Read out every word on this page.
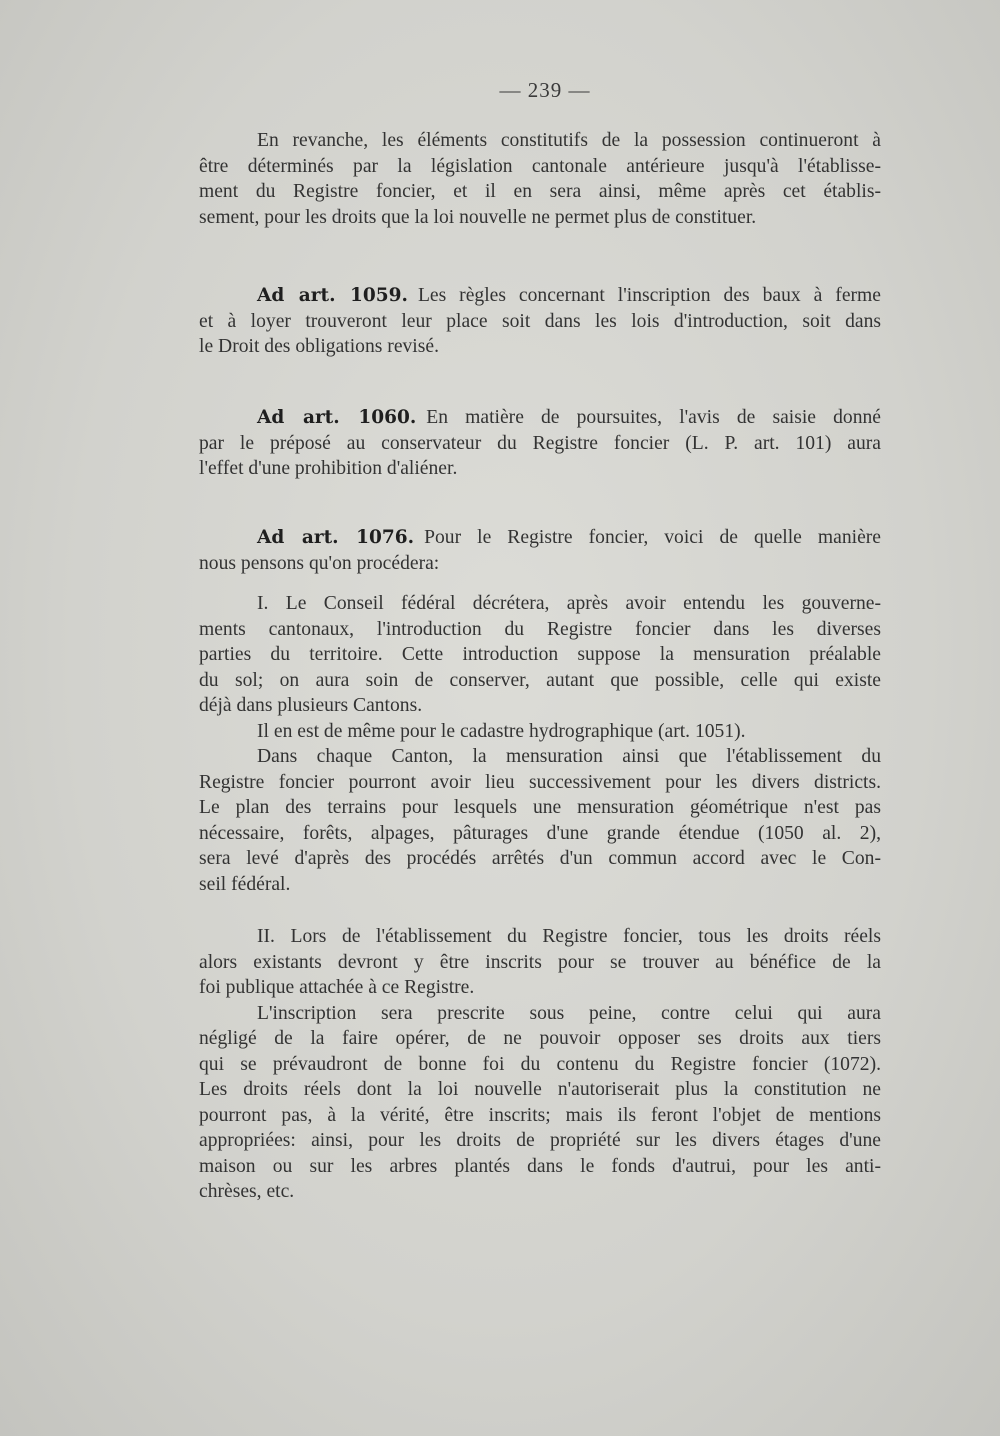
— 239 —
En revanche, les éléments constitutifs de la possession continueront à
être déterminés par la législation cantonale antérieure jusqu'à l'établisse-
ment du Registre foncier, et il en sera ainsi, même après cet établis-
sement, pour les droits que la loi nouvelle ne permet plus de constituer.
Ad art. 1059. Les règles concernant l'inscription des baux à ferme
et à loyer trouveront leur place soit dans les lois d'introduction, soit dans
le Droit des obligations revisé.
Ad art. 1060. En matière de poursuites, l'avis de saisie donné
par le préposé au conservateur du Registre foncier (L. P. art. 101) aura
l'effet d'une prohibition d'aliéner.
Ad art. 1076. Pour le Registre foncier, voici de quelle manière
nous pensons qu'on procédera:
I. Le Conseil fédéral décrétera, après avoir entendu les gouverne-
ments cantonaux, l'introduction du Registre foncier dans les diverses
parties du territoire. Cette introduction suppose la mensuration préalable
du sol; on aura soin de conserver, autant que possible, celle qui existe
déjà dans plusieurs Cantons.
Il en est de même pour le cadastre hydrographique (art. 1051).
Dans chaque Canton, la mensuration ainsi que l'établissement du
Registre foncier pourront avoir lieu successivement pour les divers districts.
Le plan des terrains pour lesquels une mensuration géométrique n'est pas
nécessaire, forêts, alpages, pâturages d'une grande étendue (1050 al. 2),
sera levé d'après des procédés arrêtés d'un commun accord avec le Con-
seil fédéral.
II. Lors de l'établissement du Registre foncier, tous les droits réels
alors existants devront y être inscrits pour se trouver au bénéfice de la
foi publique attachée à ce Registre.
L'inscription sera prescrite sous peine, contre celui qui aura
négligé de la faire opérer, de ne pouvoir opposer ses droits aux tiers
qui se prévaudront de bonne foi du contenu du Registre foncier (1072).
Les droits réels dont la loi nouvelle n'autoriserait plus la constitution ne
pourront pas, à la vérité, être inscrits; mais ils feront l'objet de mentions
appropriées: ainsi, pour les droits de propriété sur les divers étages d'une
maison ou sur les arbres plantés dans le fonds d'autrui, pour les anti-
chrèses, etc.
